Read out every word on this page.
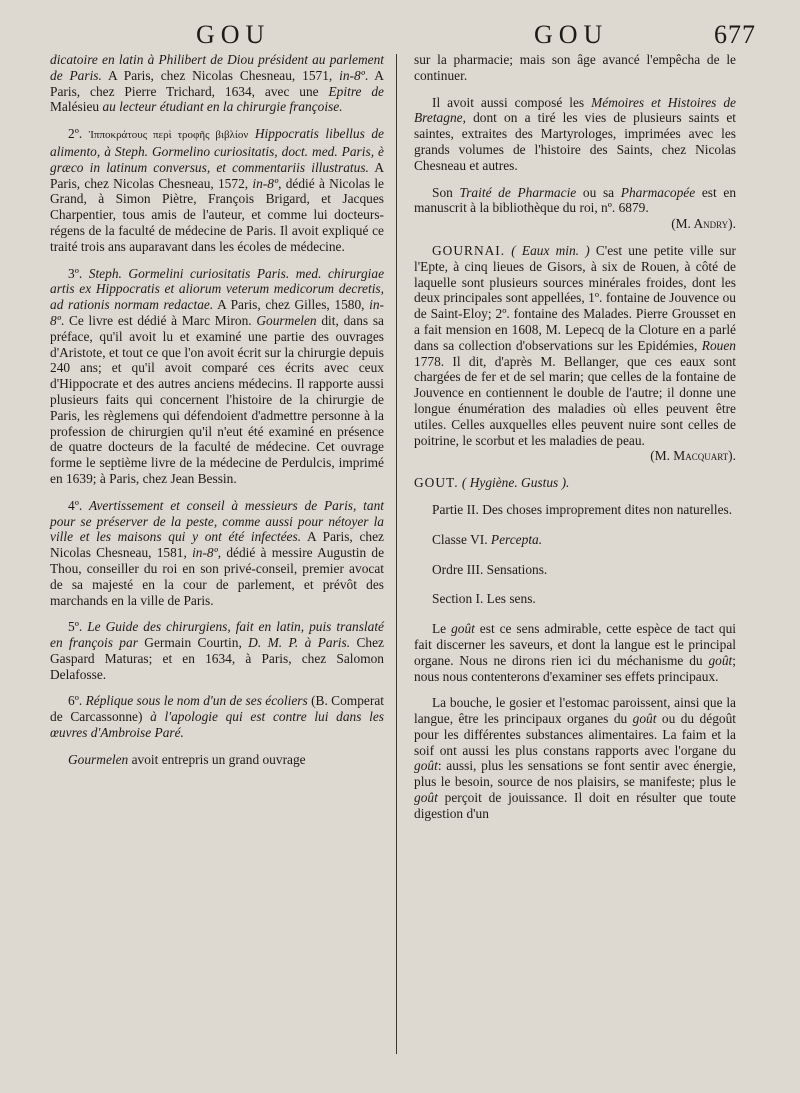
GOU	GOU	677

dicatoire en latin à Philibert de Diou président au parlement de Paris. A Paris, chez Nicolas Chesneau, 1571, in-8º. A Paris, chez Pierre Trichard, 1634, avec une Epitre de Malésieu au lecteur étudiant en la chirurgie françoise.

2º. Ἱπποκράτους περὶ τροφῆς βιβλίον Hippocratis libellus de alimento, à Steph. Gormelino curiositatis, doct. med. Paris, è græco in latinum conversus, et commentariis illustratus. A Paris, chez Nicolas Chesneau, 1572, in-8º, dédié à Nicolas le Grand, à Simon Piètre, François Brigard, et Jacques Charpentier, tous amis de l'auteur, et comme lui docteurs-régens de la faculté de médecine de Paris. Il avoit expliqué ce traité trois ans auparavant dans les écoles de médecine.

3º. Steph. Gormelini curiositatis Paris. med. chirurgiae artis ex Hippocratis et aliorum veterum medicorum decretis, ad rationis normam redactae. A Paris, chez Gilles, 1580, in-8º. Ce livre est dédié à Marc Miron. Gourmelen dit, dans sa préface, qu'il avoit lu et examiné une partie des ouvrages d'Aristote, et tout ce que l'on avoit écrit sur la chirurgie depuis 240 ans; et qu'il avoit comparé ces écrits avec ceux d'Hippocrate et des autres anciens médecins. Il rapporte aussi plusieurs faits qui concernent l'histoire de la chirurgie de Paris, les règlemens qui défendoient d'admettre personne à la profession de chirurgien qu'il n'eut été examiné en présence de quatre docteurs de la faculté de médecine. Cet ouvrage forme le septième livre de la médecine de Perdulcis, imprimé en 1639; à Paris, chez Jean Bessin.

4º. Avertissement et conseil à messieurs de Paris, tant pour se préserver de la peste, comme aussi pour nétoyer la ville et les maisons qui y ont été infectées. A Paris, chez Nicolas Chesneau, 1581, in-8º, dédié à messire Augustin de Thou, conseiller du roi en son privé-conseil, premier avocat de sa majesté en la cour de parlement, et prévôt des marchands en la ville de Paris.

5º. Le Guide des chirurgiens, fait en latin, puis translaté en françois par Germain Courtin, D. M. P. à Paris. Chez Gaspard Maturas; et en 1634, à Paris, chez Salomon Delafosse.

6º. Réplique sous le nom d'un de ses écoliers (B. Comperat de Carcassonne) à l'apologie qui est contre lui dans les œuvres d'Ambroise Paré.

Gourmelen avoit entrepris un grand ouvrage

sur la pharmacie; mais son âge avancé l'empêcha de le continuer.

Il avoit aussi composé les Mémoires et Histoires de Bretagne, dont on a tiré les vies de plusieurs saints et saintes, extraites des Martyrologes, imprimées avec les grands volumes de l'histoire des Saints, chez Nicolas Chesneau et autres.

Son Traité de Pharmacie ou sa Pharmacopée est en manuscrit à la bibliothèque du roi, nº. 6879.
(M. Andry).

GOURNAI. ( Eaux min. ) C'est une petite ville sur l'Epte, à cinq lieues de Gisors, à six de Rouen, à côté de laquelle sont plusieurs sources minérales froides, dont les deux principales sont appellées, 1º. fontaine de Jouvence ou de Saint-Eloy; 2º. fontaine des Malades. Pierre Grousset en a fait mension en 1608, M. Lepecq de la Cloture en a parlé dans sa collection d'observations sur les Epidémies, Rouen 1778. Il dit, d'après M. Bellanger, que ces eaux sont chargées de fer et de sel marin; que celles de la fontaine de Jouvence en contiennent le double de l'autre; il donne une longue énumération des maladies où elles peuvent être utiles. Celles auxquelles elles peuvent nuire sont celles de poitrine, le scorbut et les maladies de peau.
(M. Macquart).

GOUT. ( Hygiène. Gustus ).

Partie II. Des choses improprement dites non naturelles.

Classe VI. Percepta.

Ordre III. Sensations.

Section I. Les sens.

Le goût est ce sens admirable, cette espèce de tact qui fait discerner les saveurs, et dont la langue est le principal organe. Nous ne dirons rien ici du méchanisme du goût; nous nous contenterons d'examiner ses effets principaux.

La bouche, le gosier et l'estomac paroissent, ainsi que la langue, être les principaux organes du goût ou du dégoût pour les différentes substances alimentaires. La faim et la soif ont aussi les plus constans rapports avec l'organe du goût: aussi, plus les sensations se font sentir avec énergie, plus le besoin, source de nos plaisirs, se manifeste; plus le goût perçoit de jouissance. Il doit en résulter que toute digestion d'un
